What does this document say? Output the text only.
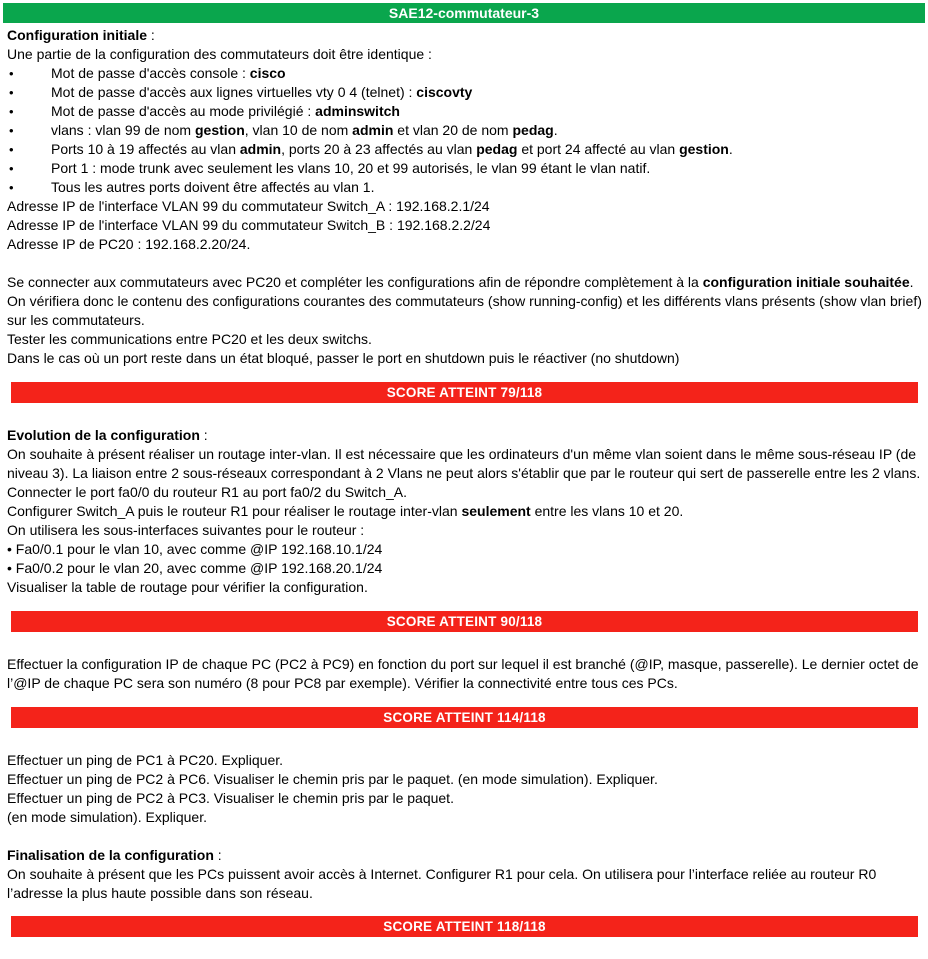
SAE12-commutateur-3
Configuration initiale :
Une partie de la configuration des commutateurs doit être identique :
•	Mot de passe d'accès console : cisco
•	Mot de passe d'accès aux lignes virtuelles vty 0 4 (telnet) : ciscovty
•	Mot de passe d'accès au mode privilégié : adminswitch
•	vlans : vlan 99 de nom gestion, vlan 10 de nom admin et vlan 20 de nom pedag.
•	Ports 10 à 19 affectés au vlan admin, ports 20 à 23 affectés au vlan pedag et port 24 affecté au vlan gestion.
•	Port 1 : mode trunk avec seulement les vlans 10, 20 et 99 autorisés, le vlan 99 étant le vlan natif.
•	Tous les autres ports doivent être affectés au vlan 1.
Adresse IP de l'interface VLAN 99 du commutateur Switch_A : 192.168.2.1/24
Adresse IP de l'interface VLAN 99 du commutateur Switch_B : 192.168.2.2/24
Adresse IP de PC20 : 192.168.2.20/24.
Se connecter aux commutateurs avec PC20 et compléter les configurations afin de répondre complètement à la configuration initiale souhaitée. On vérifiera donc le contenu des configurations courantes des commutateurs (show running-config) et les différents vlans présents (show vlan brief) sur les commutateurs.
Tester les communications entre PC20 et les deux switchs.
Dans le cas où un port reste dans un état bloqué, passer le port en shutdown puis le réactiver (no shutdown)
SCORE ATTEINT 79/118
Evolution de la configuration :
On souhaite à présent réaliser un routage inter-vlan. Il est nécessaire que les ordinateurs d'un même vlan soient dans le même sous-réseau IP (de niveau 3). La liaison entre 2 sous-réseaux correspondant à 2 Vlans ne peut alors s'établir que par le routeur qui sert de passerelle entre les 2 vlans.
Connecter le port fa0/0 du routeur R1 au port fa0/2 du Switch_A.
Configurer Switch_A puis le routeur R1 pour réaliser le routage inter-vlan seulement entre les vlans 10 et 20.
On utilisera les sous-interfaces suivantes pour le routeur :
• Fa0/0.1 pour le vlan 10, avec comme @IP 192.168.10.1/24
• Fa0/0.2 pour le vlan 20, avec comme @IP 192.168.20.1/24
Visualiser la table de routage pour vérifier la configuration.
SCORE ATTEINT 90/118
Effectuer la configuration IP de chaque PC (PC2 à PC9) en fonction du port sur lequel il est branché (@IP, masque, passerelle). Le dernier octet de l’@IP de chaque PC sera son numéro (8 pour PC8 par exemple). Vérifier la connectivité entre tous ces PCs.
SCORE ATTEINT 114/118
Effectuer un ping de PC1 à PC20. Expliquer.
Effectuer un ping de PC2 à PC6. Visualiser le chemin pris par le paquet. (en mode simulation). Expliquer.
Effectuer un ping de PC2 à PC3. Visualiser le chemin pris par le paquet.
(en mode simulation). Expliquer.
Finalisation de la configuration :
On souhaite à présent que les PCs puissent avoir accès à Internet. Configurer R1 pour cela. On utilisera pour l’interface reliée au routeur R0 l’adresse la plus haute possible dans son réseau.
SCORE ATTEINT 118/118
